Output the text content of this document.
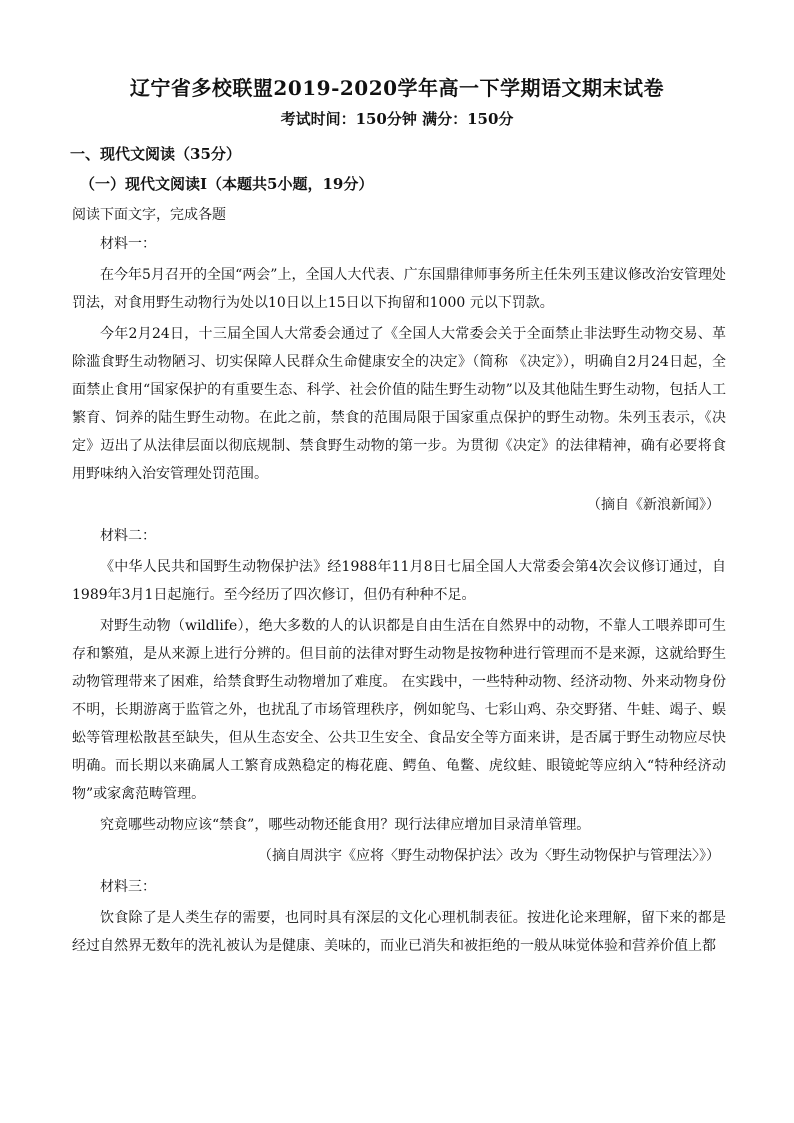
辽宁省多校联盟2019-2020学年高一下学期语文期末试卷
考试时间：150分钟 满分：150分
一、现代文阅读（35分）
（一）现代文阅读Ⅰ（本题共5小题，19分）
阅读下面文字，完成各题

材料一：

在今年5月召开的全国“两会”上，全国人大代表、广东国鼎律师事务所主任朱列玉建议修改治安管理处罚法，对食用野生动物行为处以10日以上15日以下拘留和1000 元以下罚款。

今年2月24日，十三届全国人大常委会通过了《全国人大常委会关于全面禁止非法野生动物交易、革除滥食野生动物陋习、切实保障人民群众生命健康安全的决定》（简称 《决定》），明确自2月24日起，全面禁止食用“国家保护的有重要生态、科学、社会价值的陆生野生动物”以及其他陆生野生动物，包括人工繁育、饲养的陆生野生动物。在此之前，禁食的范围局限于国家重点保护的野生动物。朱列玉表示，《决定》迈出了从法律层面以彻底规制、禁食野生动物的第一步。为贯彻《决定》的法律精神，确有必要将食用野味纳入治安管理处罚范围。

（摘自《新浪新闻》）

材料二：

《中华人民共和国野生动物保护法》经1988年11月8日七届全国人大常委会第4次会议修订通过，自1989年3月1日起施行。至今经历了四次修订，但仍有种种不足。

对野生动物（wildlife），绝大多数的人的认识都是自由生活在自然界中的动物，不靠人工喂养即可生存和繁殖，是从来源上进行分辨的。但目前的法律对野生动物是按物种进行管理而不是来源，这就给野生动物管理带来了困难，给禁食野生动物增加了难度。 在实践中，一些特种动物、经济动物、外来动物身份不明，长期游离于监管之外，也扰乱了市场管理秩序，例如鸵鸟、七彩山鸡、杂交野猪、牛蛙、竭子、蜈蚣等管理松散甚至缺失，但从生态安全、公共卫生安全、食品安全等方面来讲，是否属于野生动物应尽快明确。而长期以来确属人工繁育成熟稳定的梅花鹿、鳄鱼、龟鳖、虎纹蛙、眼镜蛇等应纳入“特种经济动物”或家禽范畴管理。

究竟哪些动物应该“禁食”，哪些动物还能食用？现行法律应增加目录清单管理。

（摘自周洪宇《应将〈野生动物保护法〉改为〈野生动物保护与管理法〉》）

材料三：

饮食除了是人类生存的需要，也同时具有深层的文化心理机制表征。按进化论来理解，留下来的都是经过自然界无数年的洗礼被认为是健康、美味的，而业已消失和被拒绝的一般从味觉体验和营养价值上都
